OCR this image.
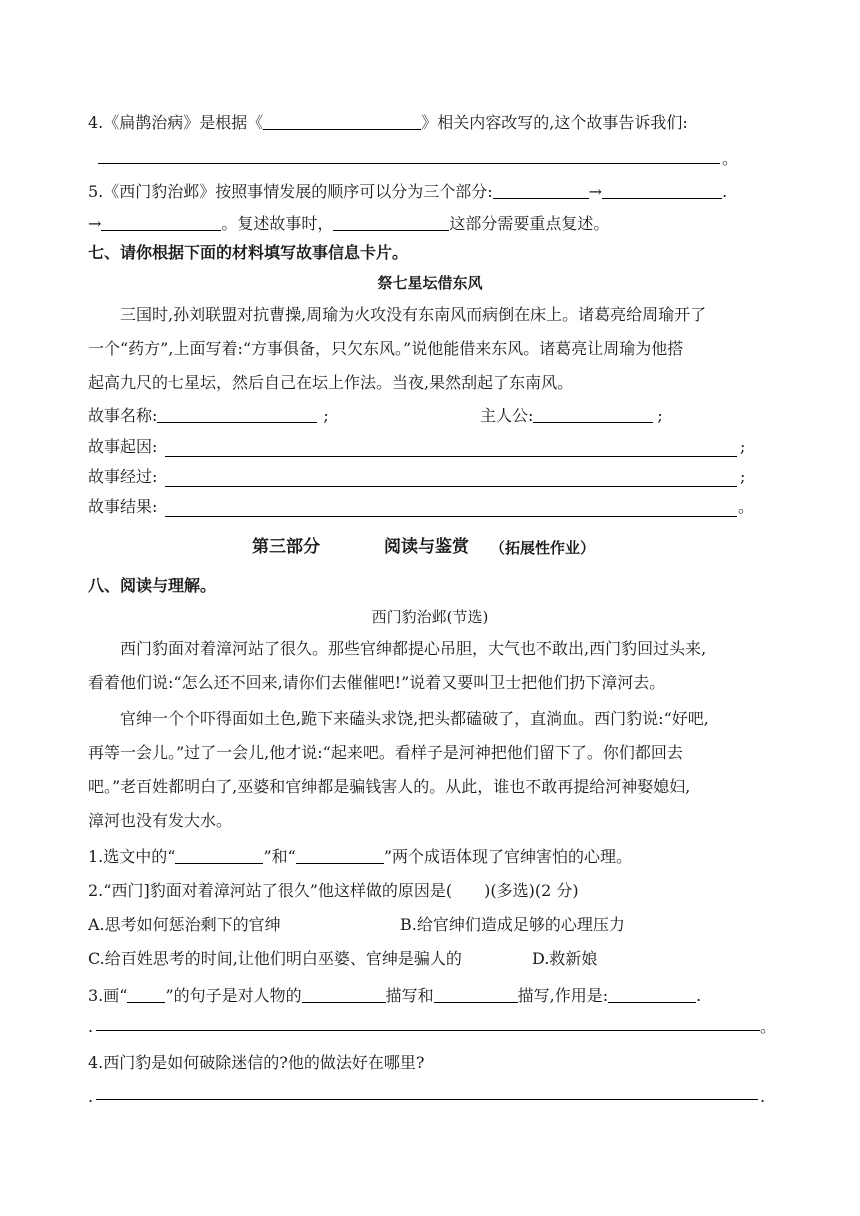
4.《扁鹊治病》是根据《	》相关内容改写的,这个故事告诉我们:
。
5.《西门豹治邺》按照事情发展的顺序可以分为三个部分:	→	.
→	。复述故事时，	这部分需要重点复述。
七、请你根据下面的材料填写故事信息卡片。
祭七星坛借东风
三国时,孙刘联盟对抗曹操,周瑜为火攻没有东南风而病倒在床上。诸葛亮给周瑜开了
一个“药方”,上面写着:“方事俱备，只欠东风。”说他能借来东风。诸葛亮让周瑜为他搭
起高九尺的七星坛，然后自己在坛上作法。当夜,果然刮起了东南风。
故事名称:	;	主人公:	;
故事起因:	;
故事经过:	;
故事结果:	。
第三部分	阅读与鉴赏 （拓展性作业）
八、阅读与理解。
西门豹治邺(节选)
西门豹面对着漳河站了很久。那些官绅都提心吊胆，大气也不敢出,西门豹回过头来,
看着他们说:“怎么还不回来,请你们去催催吧!”说着又要叫卫士把他们扔下漳河去。
官绅一个个吓得面如土色,跪下来磕头求饶,把头都磕破了，直淌血。西门豹说:“好吧,
再等一会儿。”过了一会儿,他才说:“起来吧。看样子是河神把他们留下了。你们都回去
吧。”老百姓都明白了,巫婆和官绅都是骗钱害人的。从此，谁也不敢再提给河神娶媳妇,
漳河也没有发大水。
1.选文中的“	”和“	”两个成语体现了官绅害怕的心理。
2.“西门]豹面对着漳河站了很久”他这样做的原因是(　　)(多选)(2 分)
A.思考如何惩治剩下的官绅	B.给官绅们造成足够的心理压力
C.给百姓思考的时间,让他们明白巫婆、官绅是骗人的	D.救新娘
3.画“ ”的句子是对人物的	描写和	描写,作用是:	.
.	。
4.西门豹是如何破除迷信的?他的做法好在哪里?
.	.
